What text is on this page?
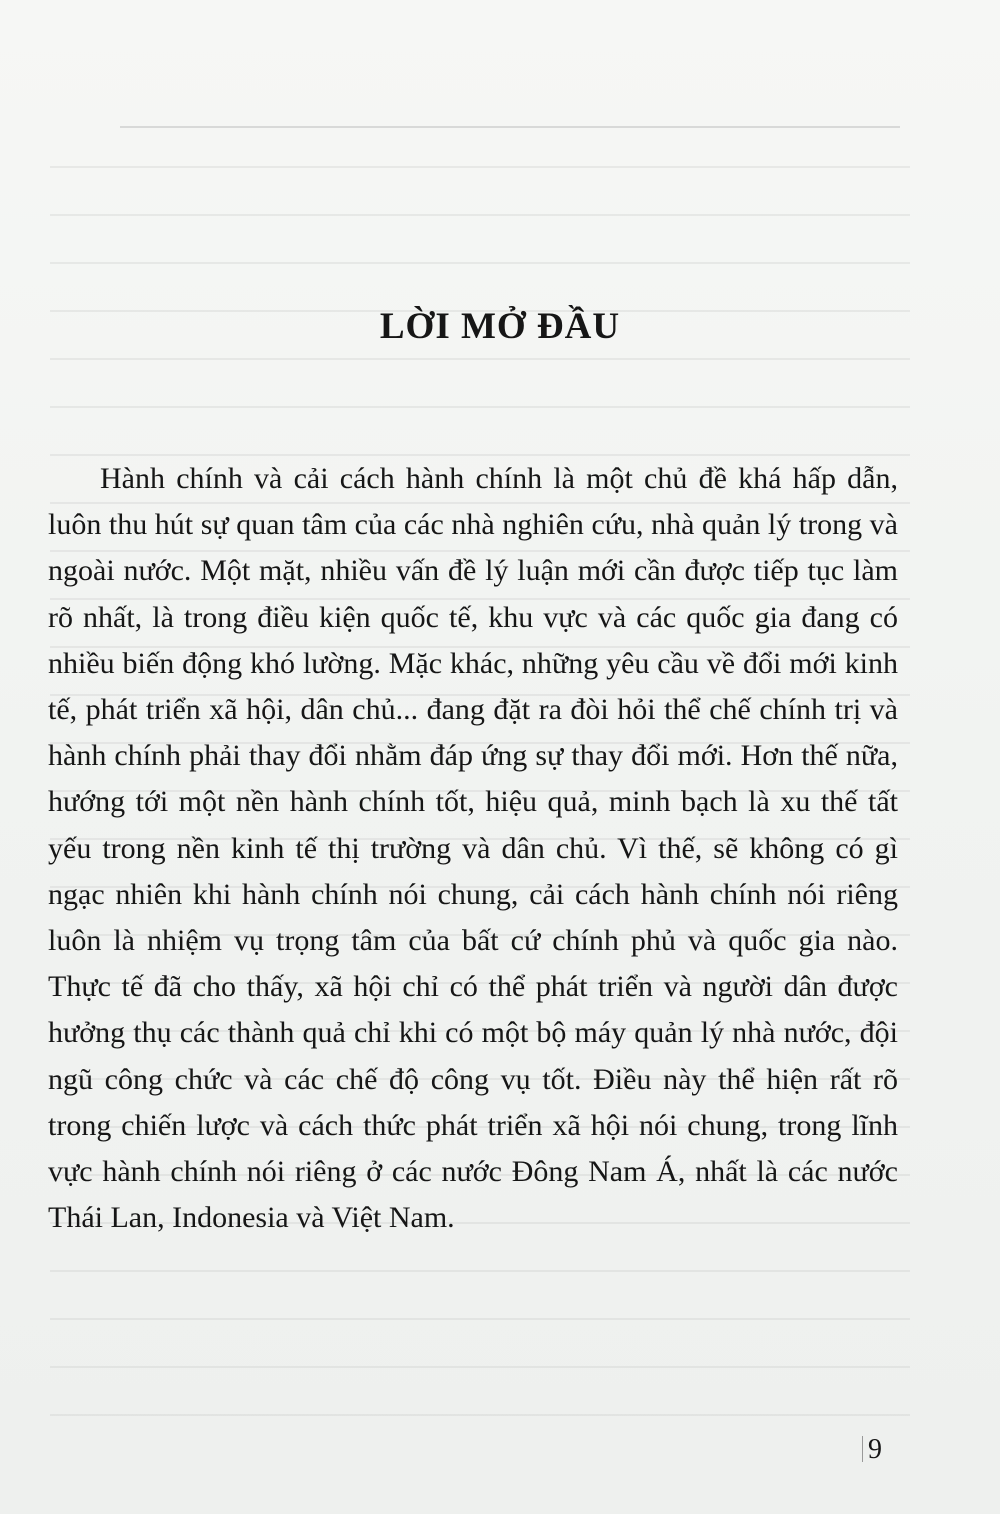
LỜI MỞ ĐẦU

Hành chính và cải cách hành chính là một chủ đề khá hấp dẫn, luôn thu hút sự quan tâm của các nhà nghiên cứu, nhà quản lý trong và ngoài nước. Một mặt, nhiều vấn đề lý luận mới cần được tiếp tục làm rõ nhất, là trong điều kiện quốc tế, khu vực và các quốc gia đang có nhiều biến động khó lường. Mặc khác, những yêu cầu về đổi mới kinh tế, phát triển xã hội, dân chủ... đang đặt ra đòi hỏi thể chế chính trị và hành chính phải thay đổi nhằm đáp ứng sự thay đổi mới. Hơn thế nữa, hướng tới một nền hành chính tốt, hiệu quả, minh bạch là xu thế tất yếu trong nền kinh tế thị trường và dân chủ. Vì thế, sẽ không có gì ngạc nhiên khi hành chính nói chung, cải cách hành chính nói riêng luôn là nhiệm vụ trọng tâm của bất cứ chính phủ và quốc gia nào. Thực tế đã cho thấy, xã hội chỉ có thể phát triển và người dân được hưởng thụ các thành quả chỉ khi có một bộ máy quản lý nhà nước, đội ngũ công chức và các chế độ công vụ tốt. Điều này thể hiện rất rõ trong chiến lược và cách thức phát triển xã hội nói chung, trong lĩnh vực hành chính nói riêng ở các nước Đông Nam Á, nhất là các nước Thái Lan, Indonesia và Việt Nam.

9
